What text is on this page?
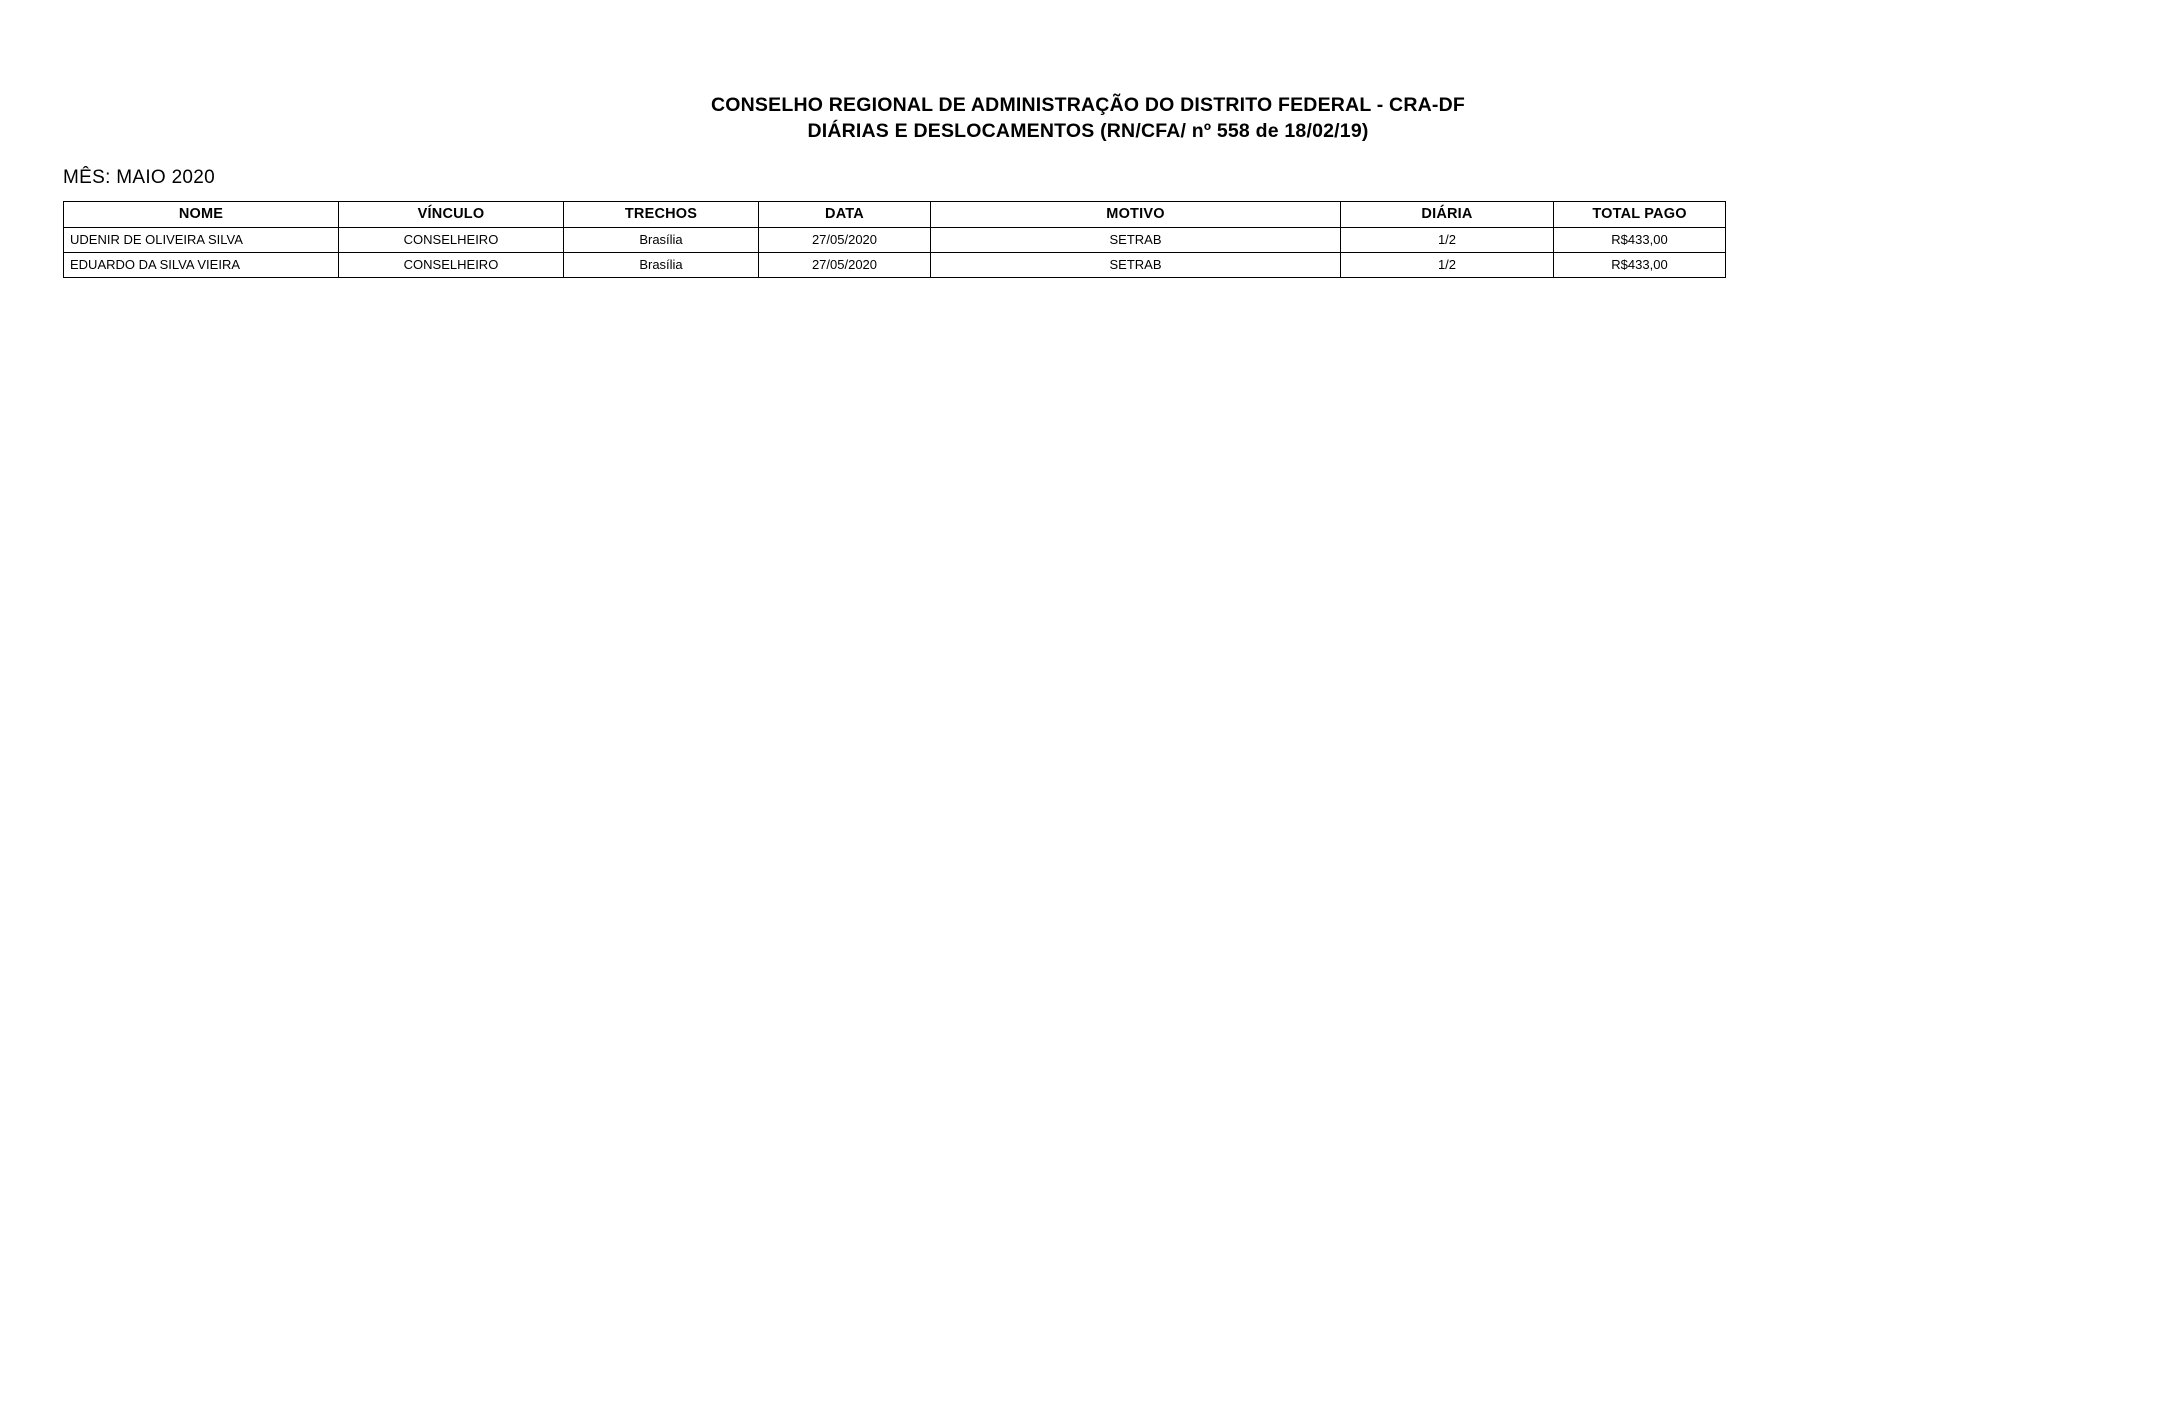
CONSELHO REGIONAL DE ADMINISTRAÇÃO DO DISTRITO FEDERAL - CRA-DF
DIÁRIAS E DESLOCAMENTOS (RN/CFA/ nº 558 de 18/02/19)
MÊS: MAIO 2020
NOME	VÍNCULO	TRECHOS	DATA	MOTIVO	DIÁRIA	TOTAL PAGO
UDENIR DE OLIVEIRA SILVA	CONSELHEIRO	Brasília	27/05/2020	SETRAB	1/2	R$433,00
EDUARDO DA SILVA VIEIRA	CONSELHEIRO	Brasília	27/05/2020	SETRAB	1/2	R$433,00
